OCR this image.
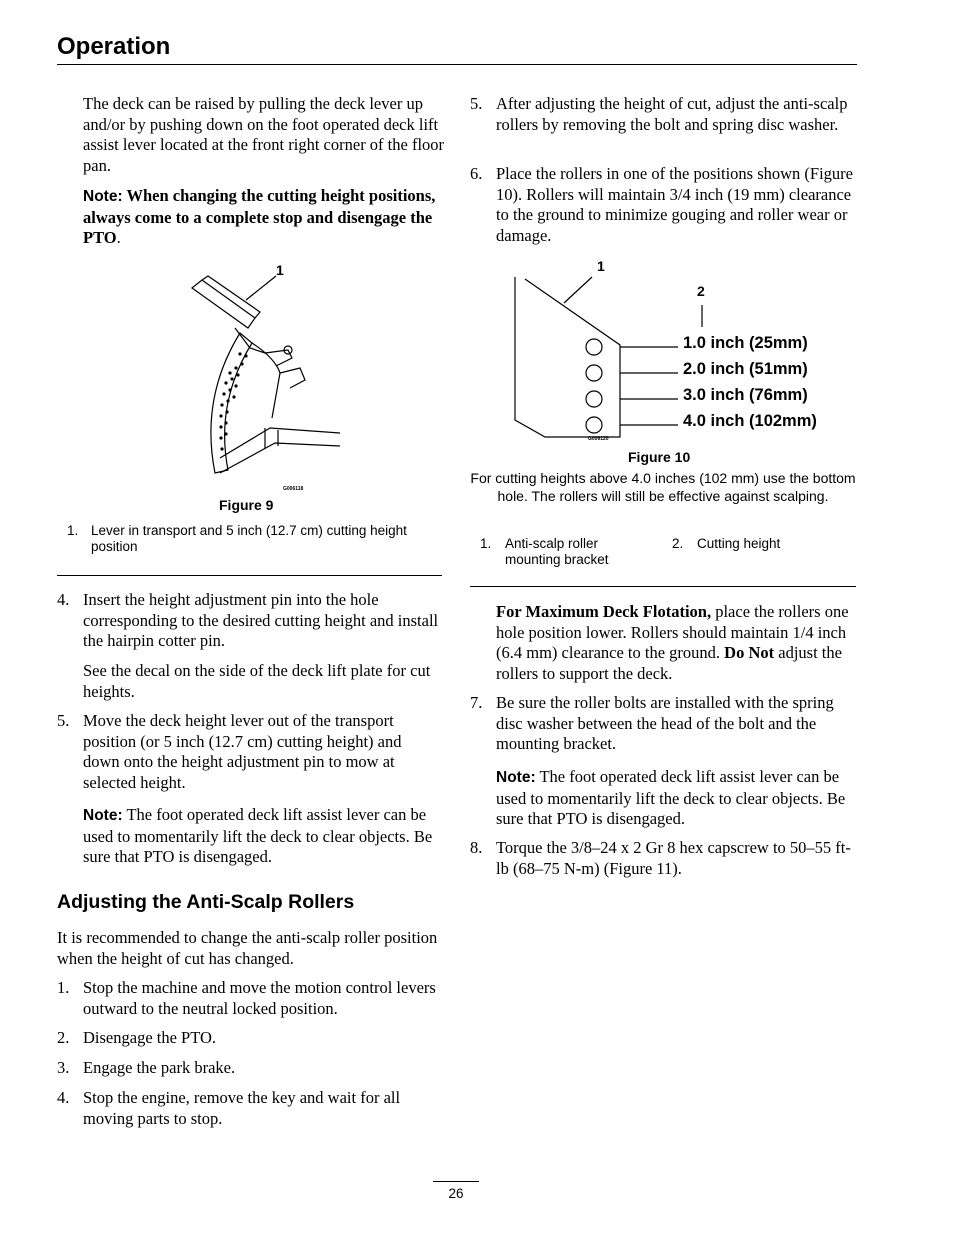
Operation
The deck can be raised by pulling the deck lever up and/or by pushing down on the foot operated deck lift assist lever located at the front right corner of the floor pan.
Note: When changing the cutting height positions, always come to a complete stop and disengage the PTO.
1
G006118
Figure 9
1. Lever in transport and 5 inch (12.7 cm) cutting height position
4. Insert the height adjustment pin into the hole corresponding to the desired cutting height and install the hairpin cotter pin.
See the decal on the side of the deck lift plate for cut heights.
5. Move the deck height lever out of the transport position (or 5 inch (12.7 cm) cutting height) and down onto the height adjustment pin to mow at selected height.
Note: The foot operated deck lift assist lever can be used to momentarily lift the deck to clear objects. Be sure that PTO is disengaged.
Adjusting the Anti-Scalp Rollers
It is recommended to change the anti-scalp roller position when the height of cut has changed.
1. Stop the machine and move the motion control levers outward to the neutral locked position.
2. Disengage the PTO.
3. Engage the park brake.
4. Stop the engine, remove the key and wait for all moving parts to stop.
5. After adjusting the height of cut, adjust the anti-scalp rollers by removing the bolt and spring disc washer.
6. Place the rollers in one of the positions shown (Figure 10). Rollers will maintain 3/4 inch (19 mm) clearance to the ground to minimize gouging and roller wear or damage.
1
2
1.0 inch (25mm)
2.0 inch (51mm)
3.0 inch (76mm)
4.0 inch (102mm)
G006120
Figure 10
For cutting heights above 4.0 inches (102 mm) use the bottom hole. The rollers will still be effective against scalping.
1. Anti-scalp roller mounting bracket
2. Cutting height
For Maximum Deck Flotation, place the rollers one hole position lower. Rollers should maintain 1/4 inch (6.4 mm) clearance to the ground. Do Not adjust the rollers to support the deck.
7. Be sure the roller bolts are installed with the spring disc washer between the head of the bolt and the mounting bracket.
Note: The foot operated deck lift assist lever can be used to momentarily lift the deck to clear objects. Be sure that PTO is disengaged.
8. Torque the 3/8–24 x 2 Gr 8 hex capscrew to 50–55 ft-lb (68–75 N-m) (Figure 11).
26
